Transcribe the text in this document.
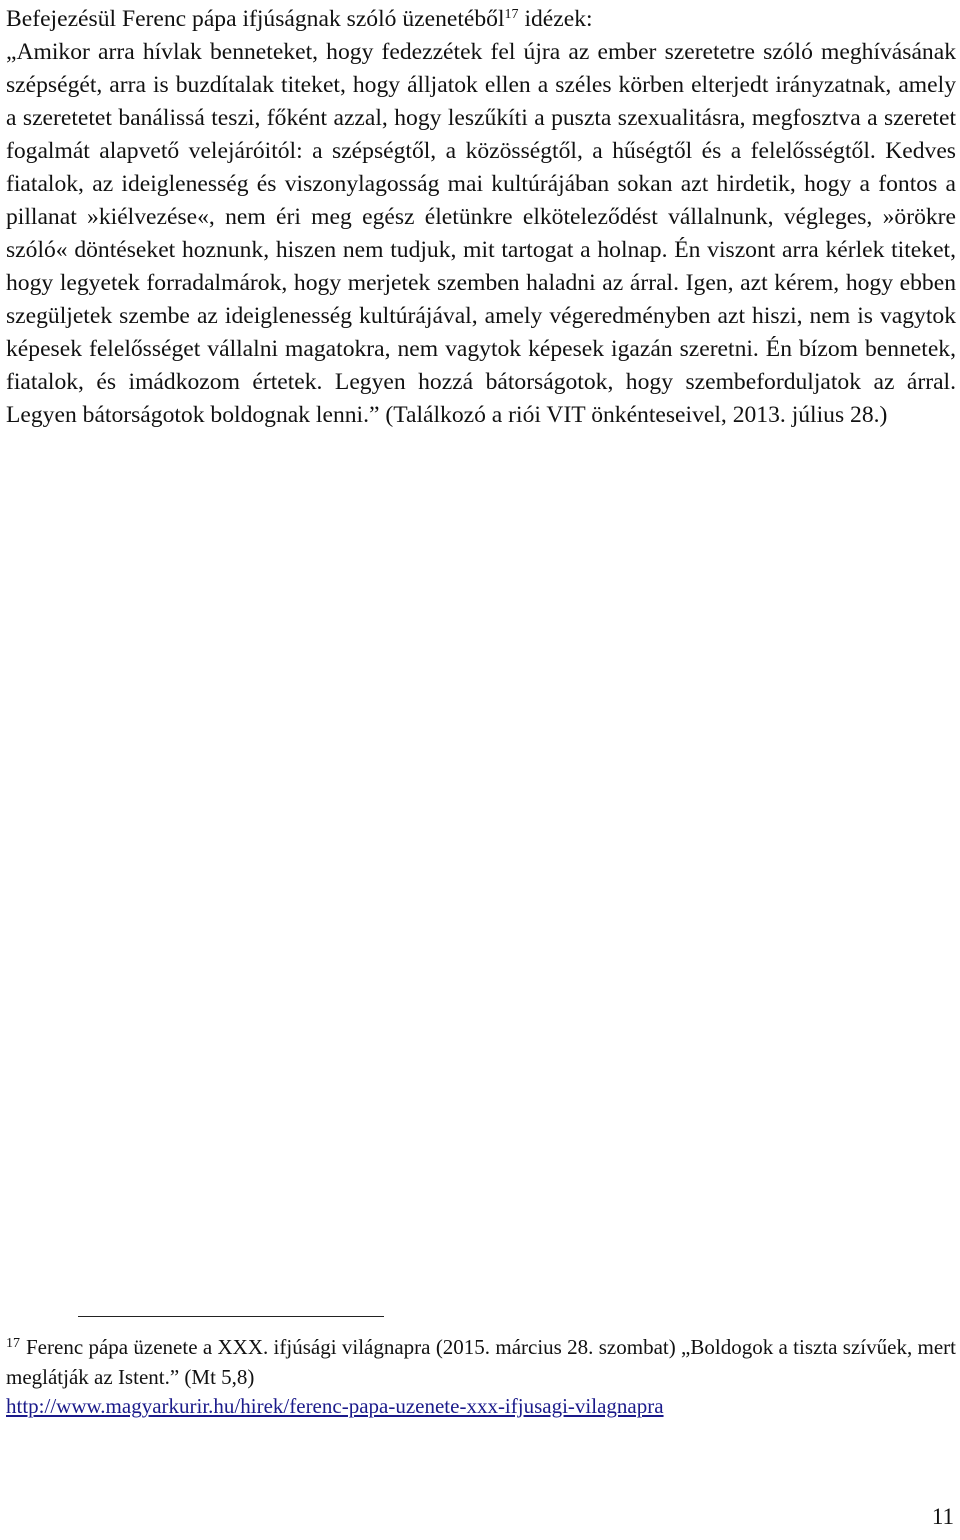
Befejezésül Ferenc pápa ifjúságnak szóló üzenetéből$^{17}$ idézek:

„Amikor arra hívlak benneteket, hogy fedezzétek fel újra az ember szeretetre szóló meghívásának szépségét, arra is buzdítalak titeket, hogy álljatok ellen a széles körben elterjedt irányzatnak, amely a szeretetet banálissá teszi, főként azzal, hogy leszűkíti a puszta szexualitásra, megfosztva a szeretet fogalmát alapvető velejáróitól: a szépségtől, a közösségtől, a hűségtől és a felelősségtől. Kedves fiatalok, az ideiglenesség és viszonylagosság mai kultúrájában sokan azt hirdetik, hogy a fontos a pillanat »kiélvezése«, nem éri meg egész életünkre elköteleződést vállalnunk, végleges, »örökre szóló« döntéseket hoznunk, hiszen nem tudjuk, mit tartogat a holnap. Én viszont arra kérlek titeket, hogy legyetek forradalmárok, hogy merjetek szemben haladni az árral. Igen, azt kérem, hogy ebben szegüljetek szembe az ideiglenesség kultúrájával, amely végeredményben azt hiszi, nem is vagytok képesek felelősséget vállalni magatokra, nem vagytok képesek igazán szeretni. Én bízom bennetek, fiatalok, és imádkozom értetek. Legyen hozzá bátorságotok, hogy szembeforduljatok az árral. Legyen bátorságotok boldognak lenni.” (Találkozó a riói VIT önkénteseivel, 2013. július 28.)

$^{17}$ Ferenc pápa üzenete a XXX. ifjúsági világnapra (2015. március 28. szombat) „Boldogok a tiszta szívűek, mert meglátják az Istent.” (Mt 5,8)
http://www.magyarkurir.hu/hirek/ferenc-papa-uzenete-xxx-ifjusagi-vilagnapra

11
